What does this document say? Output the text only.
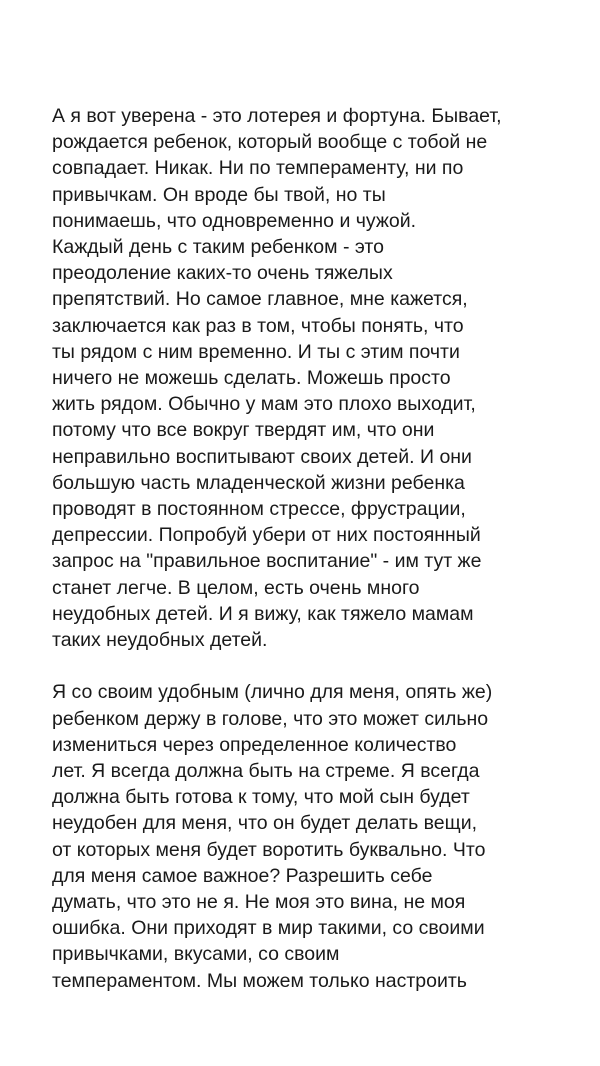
А я вот уверена - это лотерея и фортуна. Бывает,
рождается ребенок, который вообще с тобой не
совпадает. Никак. Ни по темпераменту, ни по
привычкам. Он вроде бы твой, но ты
понимаешь, что одновременно и чужой.
Каждый день с таким ребенком - это
преодоление каких-то очень тяжелых
препятствий. Но самое главное, мне кажется,
заключается как раз в том, чтобы понять, что
ты рядом с ним временно. И ты с этим почти
ничего не можешь сделать. Можешь просто
жить рядом. Обычно у мам это плохо выходит,
потому что все вокруг твердят им, что они
неправильно воспитывают своих детей. И они
большую часть младенческой жизни ребенка
проводят в постоянном стрессе, фрустрации,
депрессии. Попробуй убери от них постоянный
запрос на "правильное воспитание" - им тут же
станет легче. В целом, есть очень много
неудобных детей. И я вижу, как тяжело мамам
таких неудобных детей.

Я со своим удобным (лично для меня, опять же)
ребенком держу в голове, что это может сильно
измениться через определенное количество
лет. Я всегда должна быть на стреме. Я всегда
должна быть готова к тому, что мой сын будет
неудобен для меня, что он будет делать вещи,
от которых меня будет воротить буквально. Что
для меня самое важное? Разрешить себе
думать, что это не я. Не моя это вина, не моя
ошибка. Они приходят в мир такими, со своими
привычками, вкусами, со своим
темпераментом. Мы можем только настроить
